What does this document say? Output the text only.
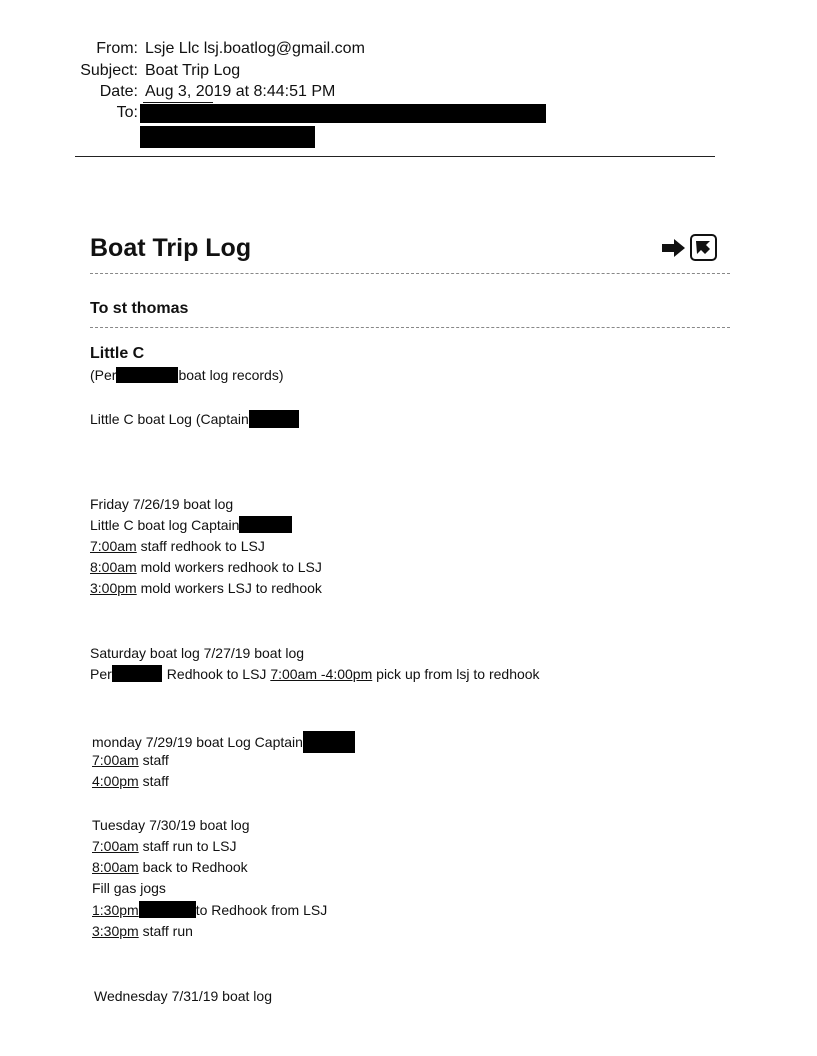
From: Lsje Llc lsj.boatlog@gmail.com
Subject: Boat Trip Log
Date: Aug 3, 2019 at 8:44:51 PM
To:
Boat Trip Log	+
To st thomas
Little C
(Per	boat log records)
Little C boat Log (Captain
Friday 7/26/19 boat log
Little C boat log Captain
7:00am staff redhook to LSJ
8:00am mold workers redhook to LSJ
3:00pm mold workers LSJ to redhook
Saturday boat log 7/27/19 boat log
Per	Redhook to LSJ 7:00am -4:00pm pick up from lsj to redhook
monday 7/29/19 boat Log Captain
7:00am staff
4:00pm staff
Tuesday 7/30/19 boat log
7:00am staff run to LSJ
8:00am back to Redhook
Fill gas jogs
1:30pm	to Redhook from LSJ
3:30pm staff run
Wednesday 7/31/19 boat log
